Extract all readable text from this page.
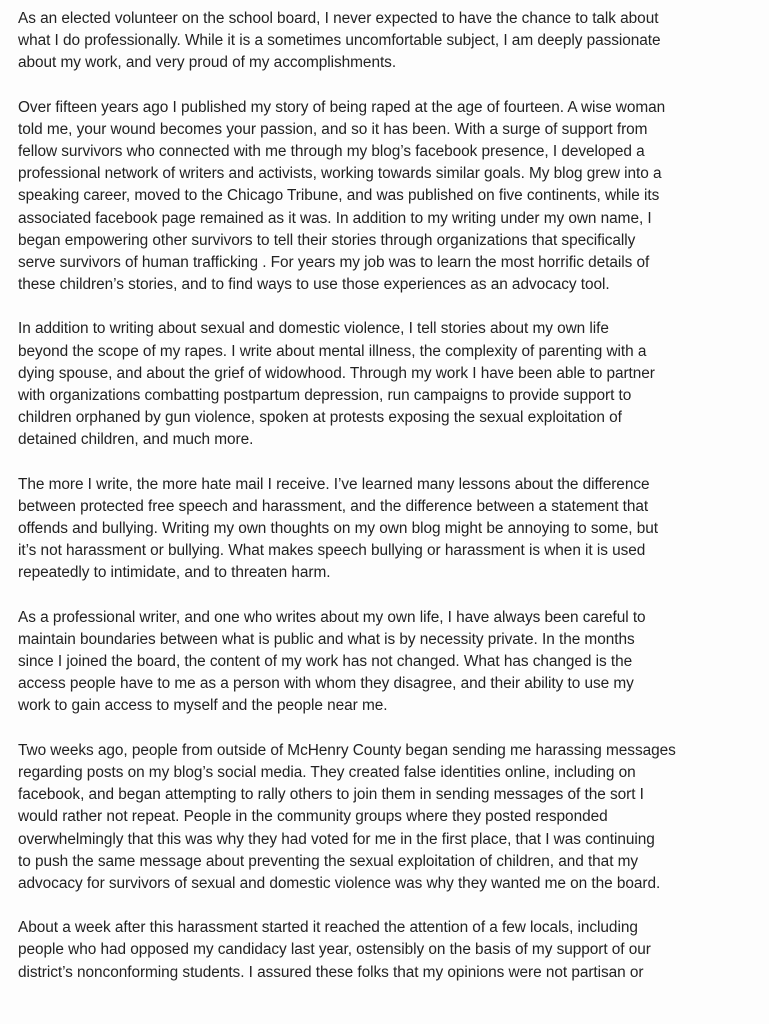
As an elected volunteer on the school board, I never expected to have the chance to talk about
what I do professionally. While it is a sometimes uncomfortable subject, I am deeply passionate
about my work, and very proud of my accomplishments.

Over fifteen years ago I published my story of being raped at the age of fourteen. A wise woman
told me, your wound becomes your passion, and so it has been. With a surge of support from
fellow survivors who connected with me through my blog’s facebook presence, I developed a
professional network of writers and activists, working towards similar goals. My blog grew into a
speaking career, moved to the Chicago Tribune, and was published on five continents, while its
associated facebook page remained as it was. In addition to my writing under my own name, I
began empowering other survivors to tell their stories through organizations that specifically
serve survivors of human trafficking . For years my job was to learn the most horrific details of
these children’s stories, and to find ways to use those experiences as an advocacy tool.

In addition to writing about sexual and domestic violence, I tell stories about my own life
beyond the scope of my rapes. I write about mental illness, the complexity of parenting with a
dying spouse, and about the grief of widowhood. Through my work I have been able to partner
with organizations combatting postpartum depression, run campaigns to provide support to
children orphaned by gun violence, spoken at protests exposing the sexual exploitation of
detained children, and much more.

The more I write, the more hate mail I receive. I’ve learned many lessons about the difference
between protected free speech and harassment, and the difference between a statement that
offends and bullying. Writing my own thoughts on my own blog might be annoying to some, but
it’s not harassment or bullying. What makes speech bullying or harassment is when it is used
repeatedly to intimidate, and to threaten harm.

As a professional writer, and one who writes about my own life, I have always been careful to
maintain boundaries between what is public and what is by necessity private. In the months
since I joined the board, the content of my work has not changed. What has changed is the
access people have to me as a person with whom they disagree, and their ability to use my
work to gain access to myself and the people near me.

Two weeks ago, people from outside of McHenry County began sending me harassing messages
regarding posts on my blog’s social media. They created false identities online, including on
facebook, and began attempting to rally others to join them in sending messages of the sort I
would rather not repeat. People in the community groups where they posted responded
overwhelmingly that this was why they had voted for me in the first place, that I was continuing
to push the same message about preventing the sexual exploitation of children, and that my
advocacy for survivors of sexual and domestic violence was why they wanted me on the board.

About a week after this harassment started it reached the attention of a few locals, including
people who had opposed my candidacy last year, ostensibly on the basis of my support of our
district’s nonconforming students. I assured these folks that my opinions were not partisan or
